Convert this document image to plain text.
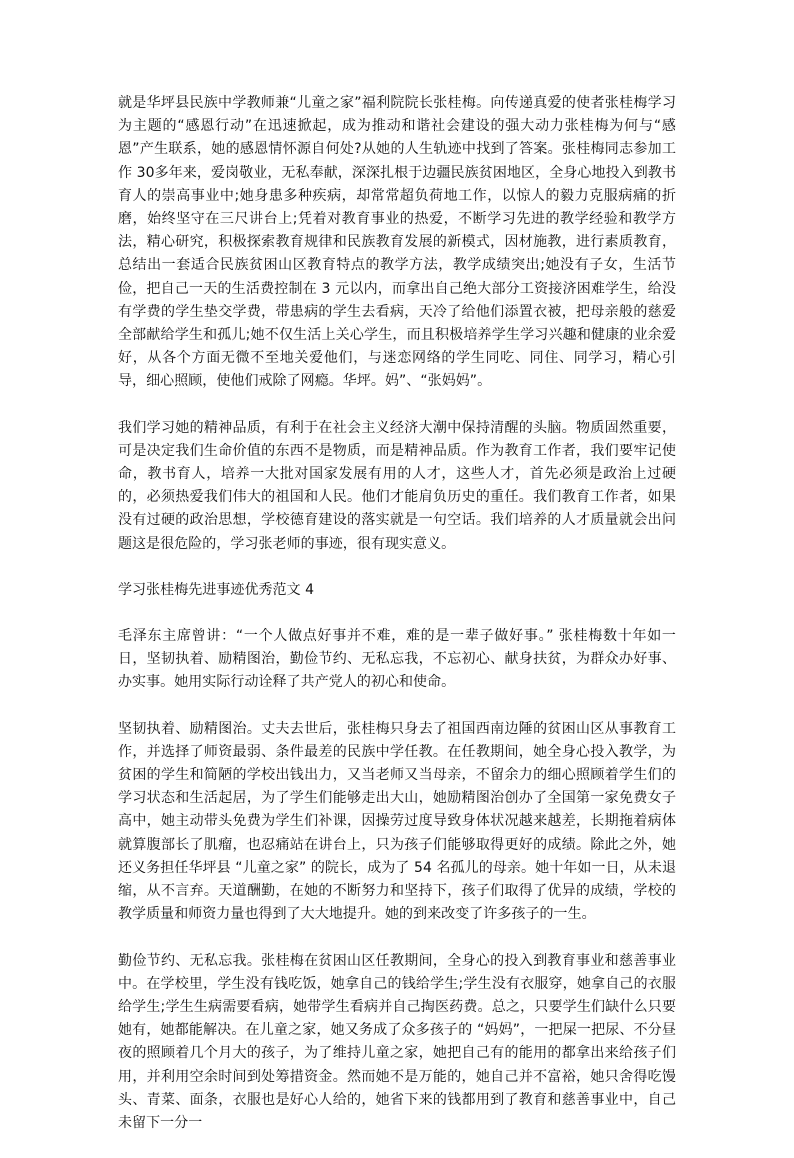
就是华坪县民族中学教师兼“儿童之家”福利院院长张桂梅。向传递真爱的使者张桂梅学习为主题的“感恩行动”在迅速掀起，成为推动和谐社会建设的强大动力张桂梅为何与“感恩”产生联系，她的感恩情怀源自何处?从她的人生轨迹中找到了答案。张桂梅同志参加工作 30多年来，爱岗敬业，无私奉献，深深扎根于边疆民族贫困地区，全身心地投入到教书育人的崇高事业中;她身患多种疾病，却常常超负荷地工作，以惊人的毅力克服病痛的折磨，始终坚守在三尺讲台上;凭着对教育事业的热爱，不断学习先进的教学经验和教学方法，精心研究，积极探索教育规律和民族教育发展的新模式，因材施教，进行素质教育，总结出一套适合民族贫困山区教育特点的教学方法，教学成绩突出;她没有子女，生活节俭，把自己一天的生活费控制在 3 元以内，而拿出自己绝大部分工资接济困难学生，给没有学费的学生垫交学费，带患病的学生去看病，天冷了给他们添置衣被，把母亲般的慈爱全部献给学生和孤儿;她不仅生活上关心学生，而且积极培养学生学习兴趣和健康的业余爱好，从各个方面无微不至地关爱他们，与迷恋网络的学生同吃、同住、同学习，精心引导，细心照顾，使他们戒除了网瘾。华坪。妈”、“张妈妈”。

我们学习她的精神品质，有利于在社会主义经济大潮中保持清醒的头脑。物质固然重要，可是决定我们生命价值的东西不是物质，而是精神品质。作为教育工作者，我们要牢记使命，教书育人，培养一大批对国家发展有用的人才，这些人才，首先必须是政治上过硬的，必须热爱我们伟大的祖国和人民。他们才能肩负历史的重任。我们教育工作者，如果没有过硬的政治思想，学校德育建设的落实就是一句空话。我们培养的人才质量就会出问题这是很危险的，学习张老师的事迹，很有现实意义。

学习张桂梅先进事迹优秀范文 4

毛泽东主席曾讲：“一个人做点好事并不难，难的是一辈子做好事。” 张桂梅数十年如一日，坚韧执着、励精图治，勤俭节约、无私忘我，不忘初心、献身扶贫，为群众办好事、办实事。她用实际行动诠释了共产党人的初心和使命。

坚韧执着、励精图治。丈夫去世后，张桂梅只身去了祖国西南边陲的贫困山区从事教育工作，并选择了师资最弱、条件最差的民族中学任教。在任教期间，她全身心投入教学，为贫困的学生和简陋的学校出钱出力，又当老师又当母亲，不留余力的细心照顾着学生们的学习状态和生活起居，为了学生们能够走出大山，她励精图治创办了全国第一家免费女子高中，她主动带头免费为学生们补课，因操劳过度导致身体状况越来越差，长期拖着病体就算腹部长了肌瘤，也忍痛站在讲台上，只为孩子们能够取得更好的成绩。除此之外，她还义务担任华坪县 “儿童之家” 的院长，成为了 54 名孤儿的母亲。她十年如一日，从未退缩，从不言弃。天道酬勤，在她的不断努力和坚持下，孩子们取得了优异的成绩，学校的教学质量和师资力量也得到了大大地提升。她的到来改变了许多孩子的一生。

勤俭节约、无私忘我。张桂梅在贫困山区任教期间，全身心的投入到教育事业和慈善事业中。在学校里，学生没有钱吃饭，她拿自己的钱给学生;学生没有衣服穿，她拿自己的衣服给学生;学生生病需要看病，她带学生看病并自己掏医药费。总之，只要学生们缺什么只要她有，她都能解决。在儿童之家，她又务成了众多孩子的 “妈妈”，一把屎一把尿、不分昼夜的照顾着几个月大的孩子，为了维持儿童之家，她把自己有的能用的都拿出来给孩子们用，并利用空余时间到处筹措资金。然而她不是万能的，她自己并不富裕，她只舍得吃馒头、青菜、面条，衣服也是好心人给的，她省下来的钱都用到了教育和慈善事业中，自己未留下一分一
